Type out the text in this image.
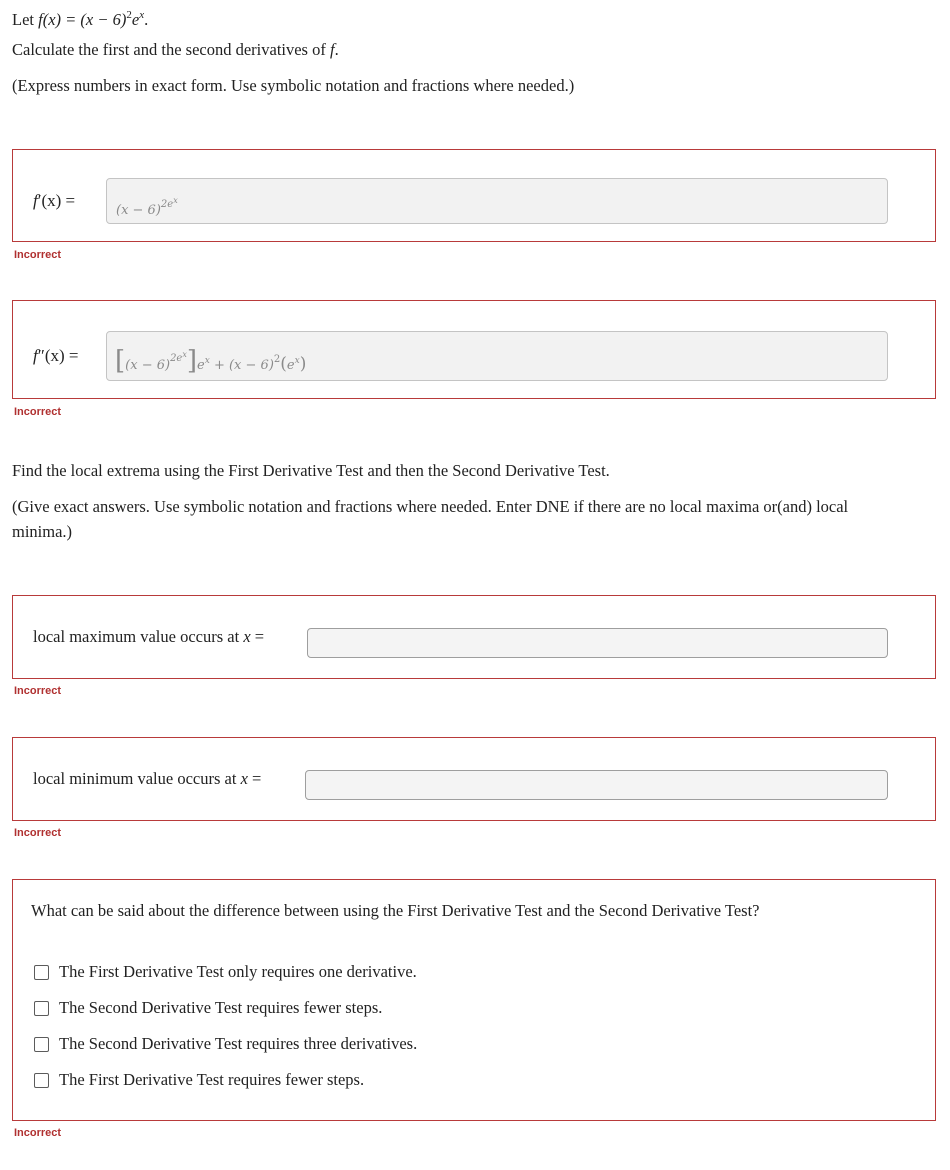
Let $f(x) = (x - 6)^2e^x$.
Calculate the first and the second derivatives of f.
(Express numbers in exact form. Use symbolic notation and fractions where needed.)
f′(x) =
$(x - 6)^{2e^x}$
Incorrect
$f''(x) = [(x - 6)^{2e^x}]e^x + (x - 6)^2(e^x)$
Incorrect
Find the local extrema using the First Derivative Test and then the Second Derivative Test.
(Give exact answers. Use symbolic notation and fractions where needed. Enter DNE if there are no local maxima or(and) local minima.)
local maximum value occurs at x =
Incorrect
local minimum value occurs at x =
Incorrect
What can be said about the difference between using the First Derivative Test and the Second Derivative Test?
The First Derivative Test only requires one derivative.
The Second Derivative Test requires fewer steps.
The Second Derivative Test requires three derivatives.
The First Derivative Test requires fewer steps.
Incorrect
